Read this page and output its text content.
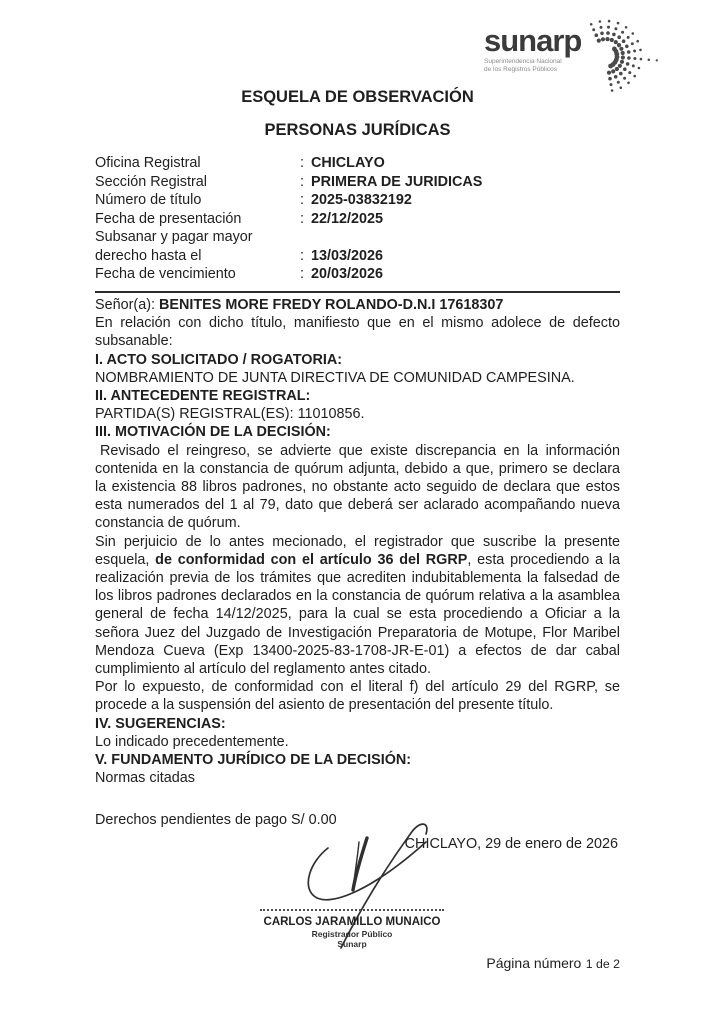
sunarp
Superintendencia Nacional
de los Registros Públicos
ESQUELA DE OBSERVACIÓN
PERSONAS JURÍDICAS
Oficina Registral	: CHICLAYO
Sección Registral	: PRIMERA DE JURIDICAS
Número de título	: 2025-03832192
Fecha de presentación	: 22/12/2025
Subsanar y pagar mayor
derecho hasta el	: 13/03/2026
Fecha de vencimiento	: 20/03/2026

Señor(a): BENITES MORE FREDY ROLANDO-D.N.I 17618307

En relación con dicho título, manifiesto que en el mismo adolece de defecto subsanable:

I. ACTO SOLICITADO / ROGATORIA:

NOMBRAMIENTO DE JUNTA DIRECTIVA DE COMUNIDAD CAMPESINA.

II. ANTECEDENTE REGISTRAL:

PARTIDA(S) REGISTRAL(ES): 11010856.

III. MOTIVACIÓN DE LA DECISIÓN:

Revisado el reingreso, se advierte que existe discrepancia en la información contenida en la constancia de quórum adjunta, debido a que, primero se declara la existencia 88 libros padrones, no obstante acto seguido de declara que estos esta numerados del 1 al 79, dato que deberá ser aclarado acompañando nueva constancia de quórum.

Sin perjuicio de lo antes mecionado, el registrador que suscribe la presente esquela, de conformidad con el artículo 36 del RGRP, esta procediendo a la realización previa de los trámites que acrediten indubitablementa la falsedad de los libros padrones declarados en la constancia de quórum relativa a la asamblea general de fecha 14/12/2025, para la cual se esta procediendo a Oficiar a la señora Juez del Juzgado de Investigación Preparatoria de Motupe, Flor Maribel Mendoza Cueva (Exp 13400-2025-83-1708-JR-E-01) a efectos de dar cabal cumplimiento al artículo del reglamento antes citado.

Por lo expuesto, de conformidad con el literal f) del artículo 29 del RGRP, se procede a la suspensión del asiento de presentación del presente título.

IV. SUGERENCIAS:

Lo indicado precedentemente.

V. FUNDAMENTO JURÍDICO DE LA DECISIÓN:

Normas citadas

Derechos pendientes de pago S/ 0.00

CHICLAYO, 29 de enero de 2026

CARLOS JARAMILLO MUNAICO
Registrador Público
Sunarp
Página número 1 de 2
